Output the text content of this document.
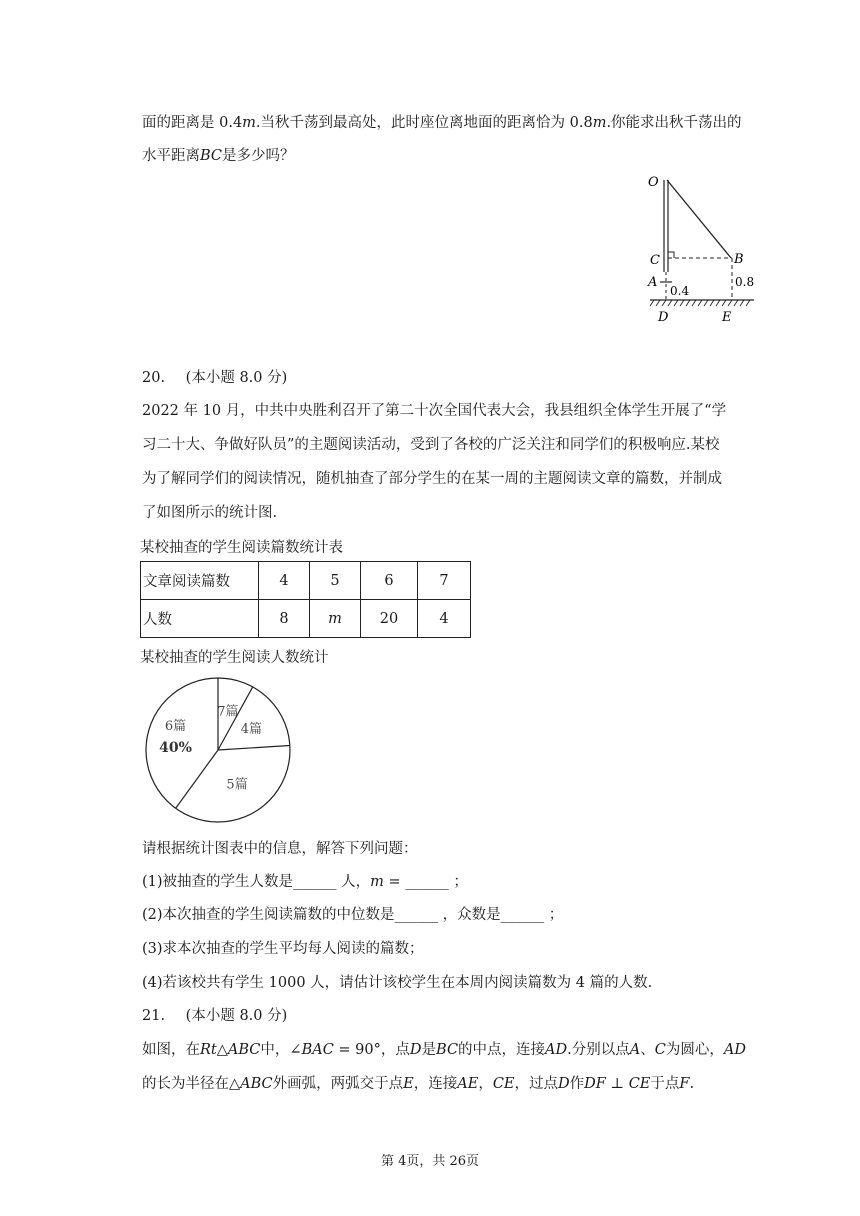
面的距离是 0.4m.当秋千荡到最高处，此时座位离地面的距离恰为 0.8m.你能求出秋千荡出的
水平距离BC是多少吗？
O
B
C
A
0.4
0.8
D	E
20. (本小题 8.0 分)
2022 年 10 月，中共中央胜利召开了第二十次全国代表大会，我县组织全体学生开展了“学
习二十大、争做好队员”的主题阅读活动，受到了各校的广泛关注和同学们的积极响应.某校
为了解同学们的阅读情况，随机抽查了部分学生的在某一周的主题阅读文章的篇数，并制成
了如图所示的统计图.
某校抽查的学生阅读篇数统计表
文章阅读篇数	4	5	6	7
人数	8	m	20	4
某校抽查的学生阅读人数统计
7篇
4篇
5篇
6篇
40%
请根据统计图表中的信息，解答下列问题：
(1)被抽查的学生人数是______ 人，m = ______ ；
(2)本次抽查的学生阅读篇数的中位数是______ ，众数是______ ；
(3)求本次抽查的学生平均每人阅读的篇数；
(4)若该校共有学生 1000 人，请估计该校学生在本周内阅读篇数为 4 篇的人数.
21. (本小题 8.0 分)
如图，在Rt△ABC中，∠BAC = 90°，点D是BC的中点，连接AD.分别以点A、C为圆心，AD
的长为半径在△ABC外画弧，两弧交于点E，连接AE，CE，过点D作DF ⊥ CE于点F.
第 4页，共 26页
